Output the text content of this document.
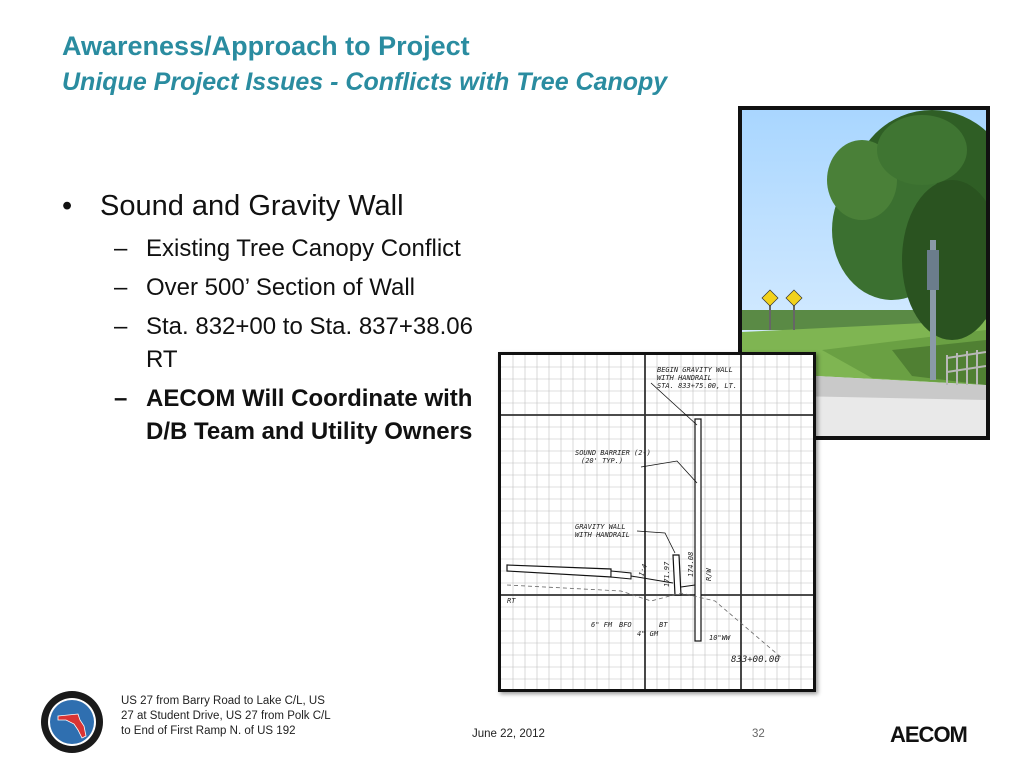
Awareness/Approach to Project
Unique Project Issues - Conflicts with Tree Canopy
• Sound and Gravity Wall
– Existing Tree Canopy Conflict
– Over 500’ Section of Wall
– Sta. 832+00 to Sta. 837+38.06 RT
– AECOM Will Coordinate with D/B Team and Utility Owners
BEGIN GRAVITY WALL
WITH HANDRAIL
STA. 833+75.00, LT.
SOUND BARRIER (2-)
(20' TYP.)
GRAVITY WALL
WITH HANDRAIL
171.97 174.08 R/W
1:4
RT
6" FM BFO	BT
4" GM	10"WW
833+00.00
US 27 from Barry Road to Lake C/L, US 27 at Student Drive, US 27 from Polk C/L to End of First Ramp N. of US 192	June 22, 2012	32	AECOM
